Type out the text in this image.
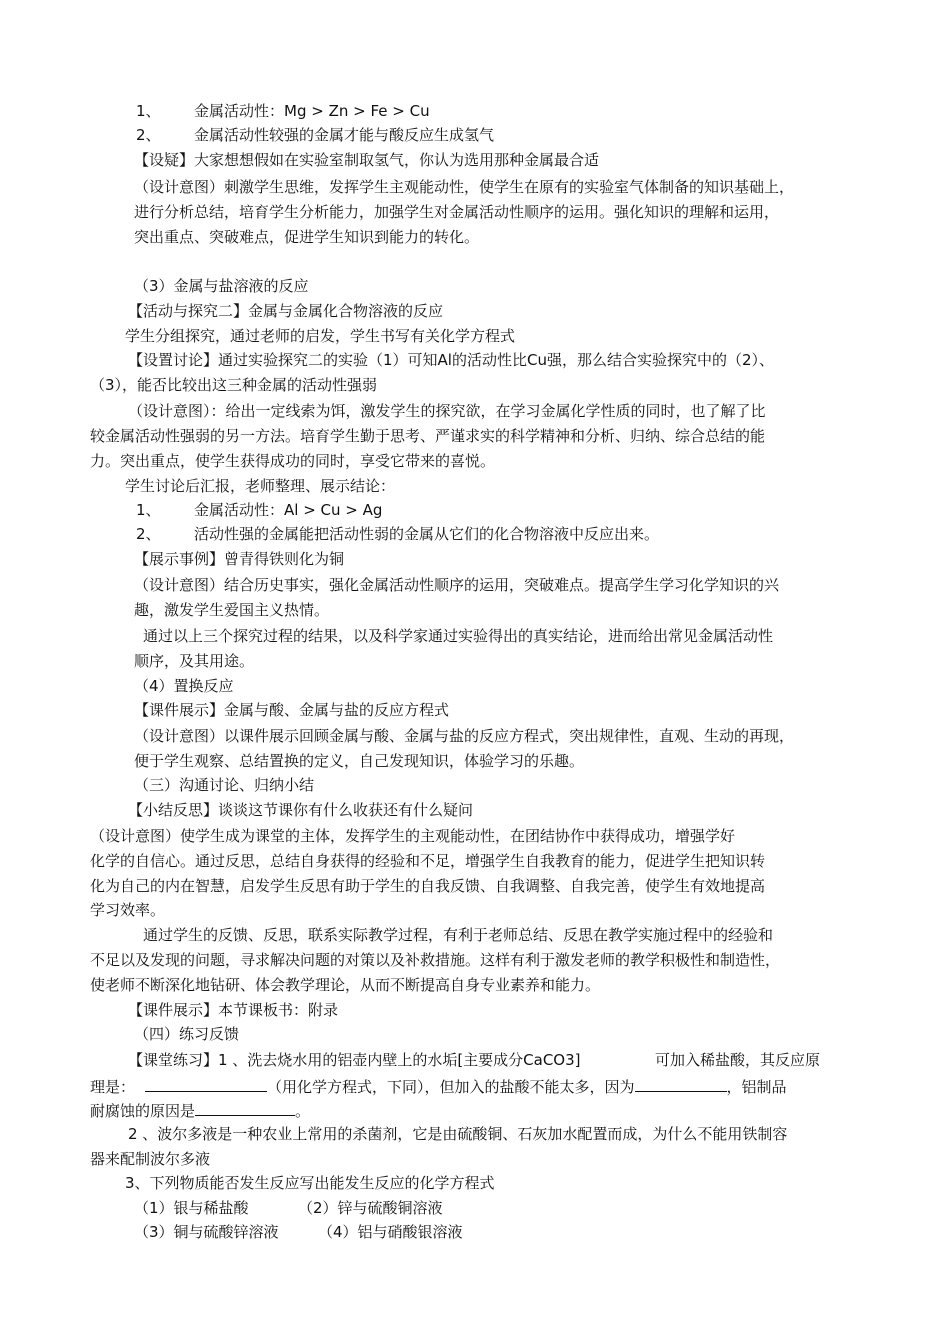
1、 金属活动性：Mg > Zn > Fe > Cu
2、 金属活动性较强的金属才能与酸反应生成氢气
【设疑】大家想想假如在实验室制取氢气，你认为选用那种金属最合适
（设计意图）刺激学生思维，发挥学生主观能动性，使学生在原有的实验室气体制备的知识基础上，
进行分析总结，培育学生分析能力，加强学生对金属活动性顺序的运用。强化知识的理解和运用，
突出重点、突破难点，促进学生知识到能力的转化。
（3）金属与盐溶液的反应
【活动与探究二】金属与金属化合物溶液的反应
学生分组探究，通过老师的启发，学生书写有关化学方程式
【设置讨论】通过实验探究二的实验（1）可知Al的活动性比Cu强，那么结合实验探究中的（2）、
（3），能否比较出这三种金属的活动性强弱
（设计意图）：给出一定线索为饵，激发学生的探究欲，在学习金属化学性质的同时，也了解了比
较金属活动性强弱的另一方法。培育学生勤于思考、严谨求实的科学精神和分析、归纳、综合总结的能
力。突出重点，使学生获得成功的同时，享受它带来的喜悦。
学生讨论后汇报，老师整理、展示结论：
1、 金属活动性：Al > Cu > Ag
2、 活动性强的金属能把活动性弱的金属从它们的化合物溶液中反应出来。
【展示事例】曾青得铁则化为铜
（设计意图）结合历史事实，强化金属活动性顺序的运用，突破难点。提高学生学习化学知识的兴
趣，激发学生爱国主义热情。
通过以上三个探究过程的结果，以及科学家通过实验得出的真实结论，进而给出常见金属活动性
顺序，及其用途。
（4）置换反应
【课件展示】金属与酸、金属与盐的反应方程式
（设计意图）以课件展示回顾金属与酸、金属与盐的反应方程式，突出规律性，直观、生动的再现，
便于学生观察、总结置换的定义，自己发现知识，体验学习的乐趣。
（三）沟通讨论、归纳小结
【小结反思】谈谈这节课你有什么收获还有什么疑问
（设计意图）使学生成为课堂的主体，发挥学生的主观能动性，在团结协作中获得成功，增强学好
化学的自信心。通过反思，总结自身获得的经验和不足，增强学生自我教育的能力，促进学生把知识转
化为自己的内在智慧，启发学生反思有助于学生的自我反馈、自我调整、自我完善，使学生有效地提高
学习效率。
通过学生的反馈、反思，联系实际教学过程，有利于老师总结、反思在教学实施过程中的经验和
不足以及发现的问题，寻求解决问题的对策以及补救措施。这样有利于激发老师的教学积极性和制造性，
使老师不断深化地钻研、体会教学理论，从而不断提高自身专业素养和能力。
【课件展示】本节课板书：附录
（四）练习反馈
【课堂练习】1 、洗去烧水用的铝壶内壁上的水垢[主要成分CaCO3]	可加入稀盐酸，其反应原
理是：	（用化学方程式，下同），但加入的盐酸不能太多，因为	，铝制品
耐腐蚀的原因是	。
2 、波尔多液是一种农业上常用的杀菌剂，它是由硫酸铜、石灰加水配置而成，为什么不能用铁制容
器来配制波尔多液
3、下列物质能否发生反应写出能发生反应的化学方程式
（1）银与稀盐酸	（2）锌与硫酸铜溶液
（3）铜与硫酸锌溶液	（4）铝与硝酸银溶液
